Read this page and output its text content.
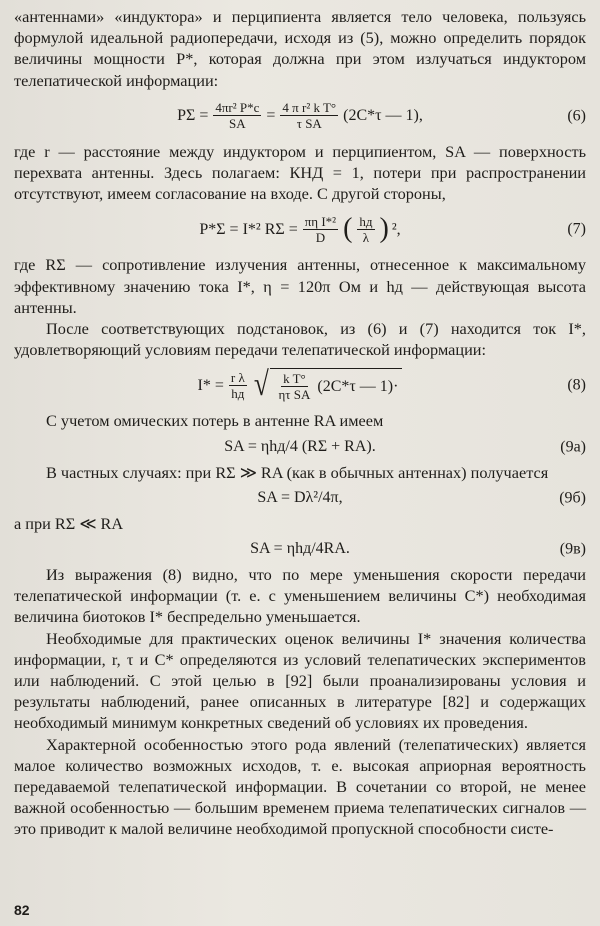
«антеннами» «индуктора» и перципиента является тело человека, пользуясь формулой идеальной радиопередачи, исходя из (5), можно определить порядок величины мощности P*, которая должна при этом излучаться индуктором телепатической информации:

$P\Sigma = \frac{\text{4πr² P*c}}{SA} = \frac{\text{4 π r² k T°}}{\text{τ SA}} (2C*\tau$ — 1),	(6)

где r — расстояние между индуктором и перципиентом, SA — поверхность перехвата антенны. Здесь полагаем: КНД = 1, потери при распространении отсутствуют, имеем согласование на входе. С другой стороны,

P*Σ = I*² $R\Sigma = \frac{\text{πη I*²}}{D}$ ( $\frac{hд}{\lambda}$ ) ²,	(7)

где RΣ — сопротивление излучения антенны, отнесенное к максимальному эффективному значению тока I*, η = 120π Ом и hд — действующая высота антенны.

После соответствующих подстановок, из (6) и (7) находится ток I*, удовлетворяющий условиям передачи телепатической информации:

$I* = \frac{\text{r λ}}{hд}$ √ $\frac{\text{k T°}}{\text{ητ SA}} (2C*\tau$ — 1)·	(8)

С учетом омических потерь в антенне RA имеем

SA = ηhд/4 (RΣ + RA).	(9а)

В частных случаях: при RΣ ≫ RA (как в обычных антеннах) получается

SA = Dλ²/4π,	(9б)

а при RΣ ≪ RA

SA = ηhд/4RA.	(9в)

Из выражения (8) видно, что по мере уменьшения скорости передачи телепатической информации (т. е. с уменьшением величины C*) необходимая величина биотоков I* беспредельно уменьшается.

Необходимые для практических оценок величины I* значения количества информации, r, τ и C* определяются из условий телепатических экспериментов или наблюдений. С этой целью в [92] были проанализированы условия и результаты наблюдений, ранее описанных в литературе [82] и содержащих необходимый минимум конкретных сведений об условиях их проведения.

Характерной особенностью этого рода явлений (телепатических) является малое количество возможных исходов, т. е. высокая априорная вероятность передаваемой телепатической информации. В сочетании со второй, не менее важной особенностью — большим временем приема телепатических сигналов — это приводит к малой величине необходимой пропускной способности систе-

82
